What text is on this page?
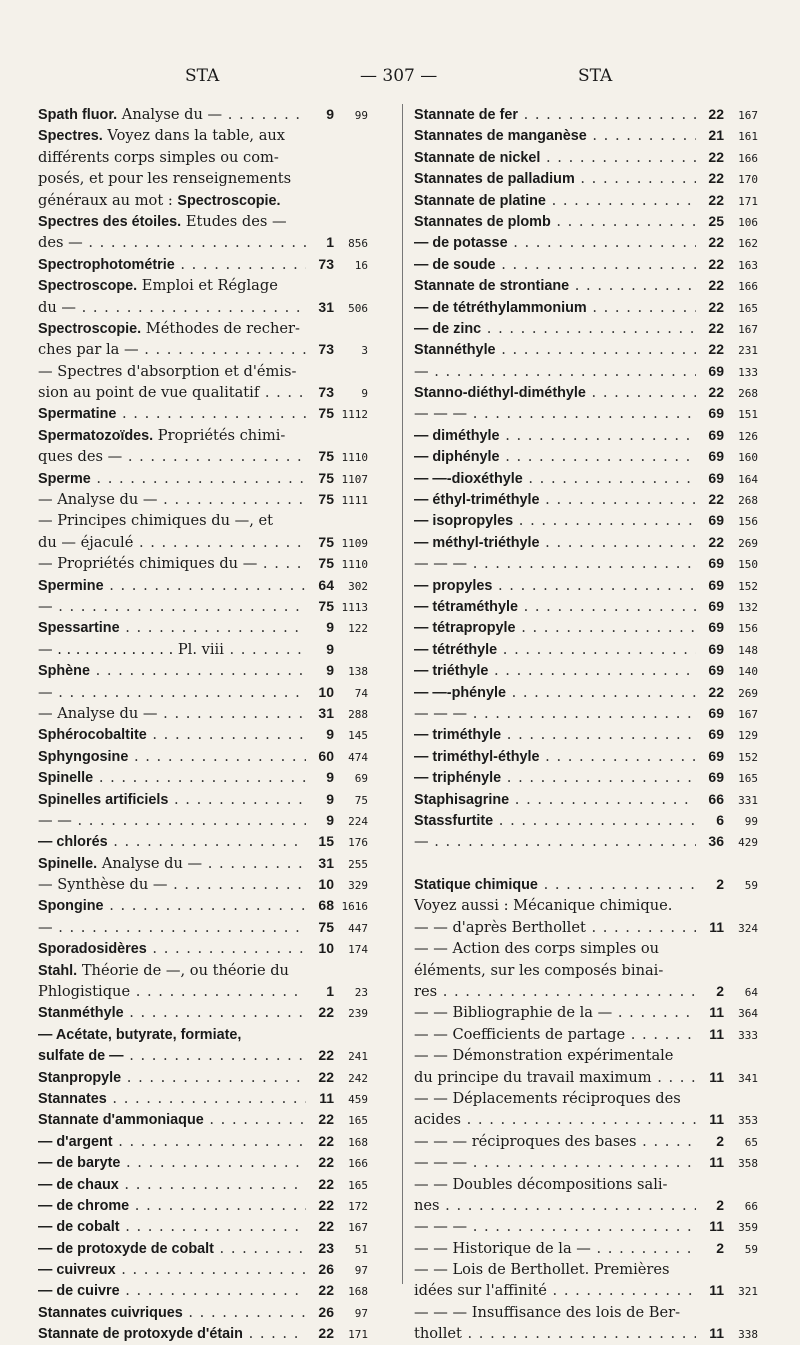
STA	— 307 —	STA
Spath fluor. Analyse du — . . .	9	99
Spectres. Voyez dans la table, aux
différents corps simples ou com-
posés, et pour les renseignements
généraux au mot : Spectroscopie.
Spectres des étoiles. Etudes des —
des — . . .	1	856
Spectrophotométrie . . .	73	16
Spectroscope. Emploi et Réglage
du — . . .	31	506
Spectroscopie. Méthodes de recher-
ches par la — . . .	73	3
— Spectres d'absorption et d'émis-
sion au point de vue qualitatif . . .	73	9
Spermatine . . .	75 1112
Spermatozoïdes. Propriétés chimi-
ques des — . . .	75 1110
Sperme . . .	75 1107
— Analyse du — . . .	75 1111
— Principes chimiques du —, et
du — éjaculé . . .	75 1109
— Propriétés chimiques du — . . .	75 1110
Spermine . . .	64	302
— . . .	75 1113
Spessartine . . .	9	122
— . . . . . . . . . . . . . Pl. viii . . .	9
Sphène . . .	9	138
— . . .	10	74
— Analyse du — . . .	31	288
Sphérocobaltite . . .	9	145
Sphyngosine . . .	60	474
Spinelle . . .	9	69
Spinelles artificiels . . .	9	75
— — . . .	9	224
— chlorés . . .	15	176
Spinelle. Analyse du — . . .	31	255
— Synthèse du — . . .	10	329
Spongine . . .	68 1616
— . . .	75	447
Sporadosidères . . .	10	174
Stahl. Théorie de —, ou théorie du
Phlogistique . . .	1	23
Stanméthyle . . .	22	239
— Acétate, butyrate, formiate,
sulfate de — . . .	22	241
Stanpropyle . . .	22	242
Stannates . . .	11	459
Stannate d'ammoniaque . . .	22	165
— d'argent . . .	22	168
— de baryte . . .	22	166
— de chaux . . .	22	165
— de chrome . . .	22	172
— de cobalt . . .	22	167
— de protoxyde de cobalt . . .	23	51
— cuivreux . . .	26	97
— de cuivre . . .	22	168
Stannates cuivriques . . .	26	97
Stannate de protoxyde d'étain . . .	22	171
Stannate de fer . . .	22	167
Stannates de manganèse . . .	21	161
Stannate de nickel . . .	22	166
Stannates de palladium . . .	22	170
Stannate de platine . . .	22	171
Stannates de plomb . . .	25	106
— de potasse . . .	22	162
— de soude . . .	22	163
Stannate de strontiane . . .	22	166
— de tétréthylammonium . . .	22	165
— de zinc . . .	22	167
Stannéthyle . . .	22	231
— . . .	69	133
Stanno-diéthyl-diméthyle . . .	22	268
— — — . . .	69	151
— diméthyle . . .	69	126
— diphényle . . .	69	160
— —-dioxéthyle . . .	69	164
— éthyl-triméthyle . . .	22	268
— isopropyles . . .	69	156
— méthyl-triéthyle . . .	22	269
— — — . . .	69	150
— propyles . . .	69	152
— tétraméthyle . . .	69	132
— tétrapropyle . . .	69	156
— tétréthyle . . .	69	148
— triéthyle . . .	69	140
— —-phényle . . .	22	269
— — — . . .	69	167
— triméthyle . . .	69	129
— triméthyl-éthyle . . .	69	152
— triphényle . . .	69	165
Staphisagrine . . .	66	331
Stassfurtite . . .	6	99
— . . .	36	429
Statique chimique . . .	2	59
Voyez aussi : Mécanique chimique.
— — d'après Berthollet . . .	11	324
— — Action des corps simples ou
éléments, sur les composés binai-
res . . .	2	64
— — Bibliographie de la — . . .	11	364
— — Coefficients de partage . . .	11	333
— — Démonstration expérimentale
du principe du travail maximum . . .	11	341
— — Déplacements réciproques des
acides . . .	11	353
— — — réciproques des bases . . .	2	65
— — — . . .	11	358
— — Doubles décompositions sali-
nes . . .	2	66
— — — . . .	11	359
— — Historique de la — . . .	2	59
— — Lois de Berthollet. Premières
idées sur l'affinité . . .	11	321
— — — Insuffisance des lois de Ber-
thollet . . .	11	338
